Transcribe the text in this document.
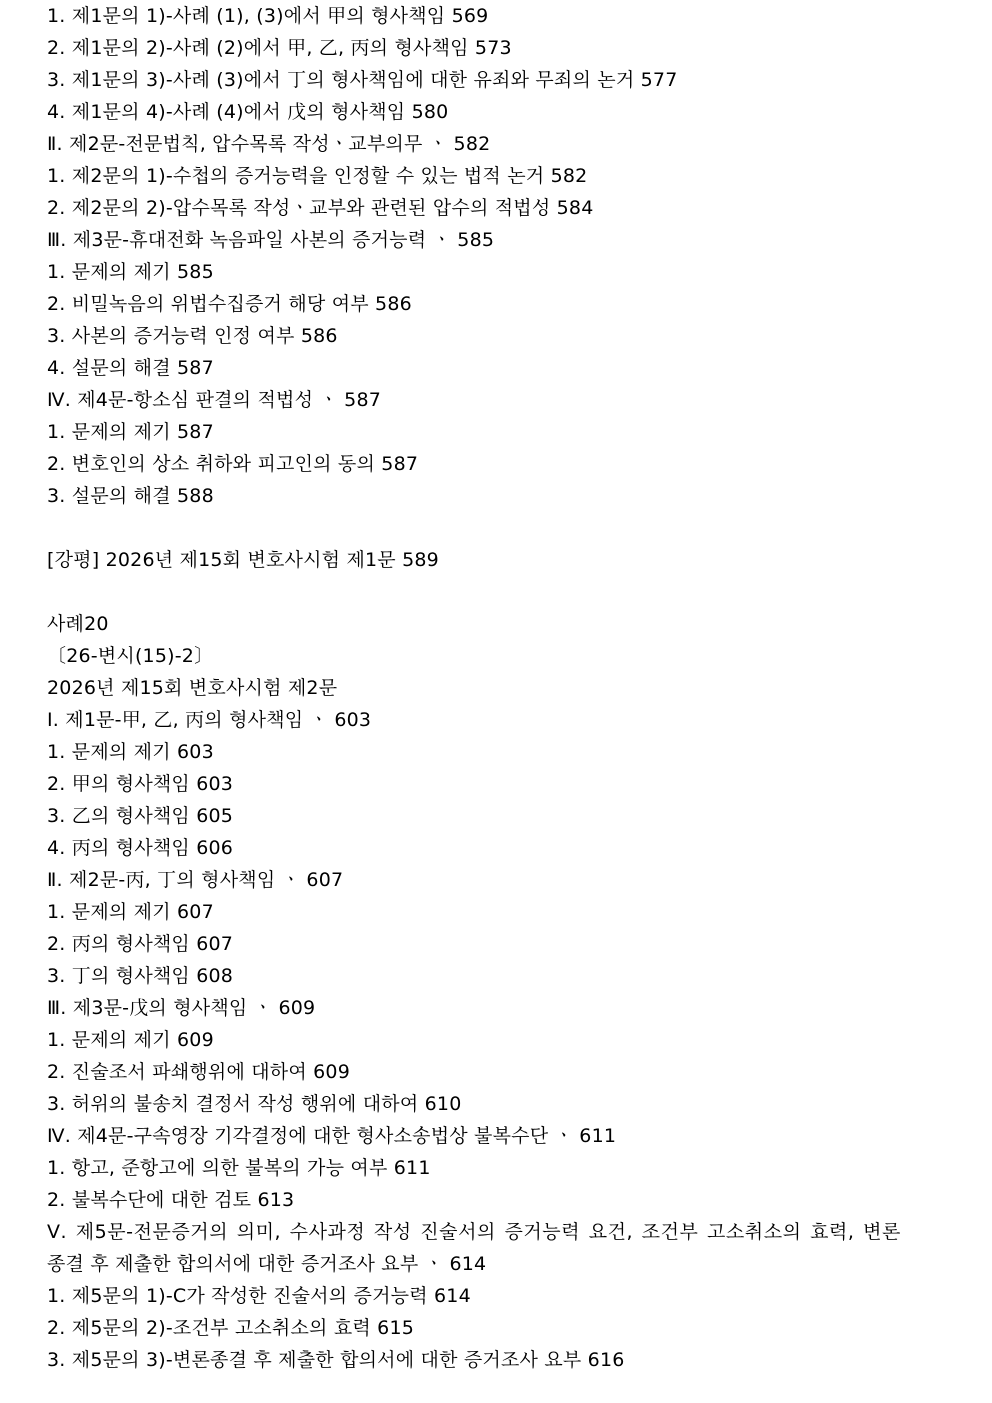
1. 제1문의 1)-사례 (1), (3)에서 甲의 형사책임 569
2. 제1문의 2)-사례 (2)에서 甲, 乙, 丙의 형사책임 573
3. 제1문의 3)-사례 (3)에서 丁의 형사책임에 대한 유죄와 무죄의 논거 577
4. 제1문의 4)-사례 (4)에서 戊의 형사책임 580
Ⅱ. 제2문-전문법칙, 압수목록 작성ㆍ교부의무 ㆍ 582
1. 제2문의 1)-수첩의 증거능력을 인정할 수 있는 법적 논거 582
2. 제2문의 2)-압수목록 작성ㆍ교부와 관련된 압수의 적법성 584
Ⅲ. 제3문-휴대전화 녹음파일 사본의 증거능력 ㆍ 585
1. 문제의 제기 585
2. 비밀녹음의 위법수집증거 해당 여부 586
3. 사본의 증거능력 인정 여부 586
4. 설문의 해결 587
Ⅳ. 제4문-항소심 판결의 적법성 ㆍ 587
1. 문제의 제기 587
2. 변호인의 상소 취하와 피고인의 동의 587
3. 설문의 해결 588
[강평] 2026년 제15회 변호사시험 제1문 589
사례20
〔26-변시(15)-2〕
2026년 제15회 변호사시험 제2문
Ⅰ. 제1문-甲, 乙, 丙의 형사책임 ㆍ 603
1. 문제의 제기 603
2. 甲의 형사책임 603
3. 乙의 형사책임 605
4. 丙의 형사책임 606
Ⅱ. 제2문-丙, 丁의 형사책임 ㆍ 607
1. 문제의 제기 607
2. 丙의 형사책임 607
3. 丁의 형사책임 608
Ⅲ. 제3문-戊의 형사책임 ㆍ 609
1. 문제의 제기 609
2. 진술조서 파쇄행위에 대하여 609
3. 허위의 불송치 결정서 작성 행위에 대하여 610
Ⅳ. 제4문-구속영장 기각결정에 대한 형사소송법상 불복수단 ㆍ 611
1. 항고, 준항고에 의한 불복의 가능 여부 611
2. 불복수단에 대한 검토 613
Ⅴ. 제5문-전문증거의 의미, 수사과정 작성 진술서의 증거능력 요건, 조건부 고소취소의 효력, 변론
종결 후 제출한 합의서에 대한 증거조사 요부 ㆍ 614
1. 제5문의 1)-C가 작성한 진술서의 증거능력 614
2. 제5문의 2)-조건부 고소취소의 효력 615
3. 제5문의 3)-변론종결 후 제출한 합의서에 대한 증거조사 요부 616
